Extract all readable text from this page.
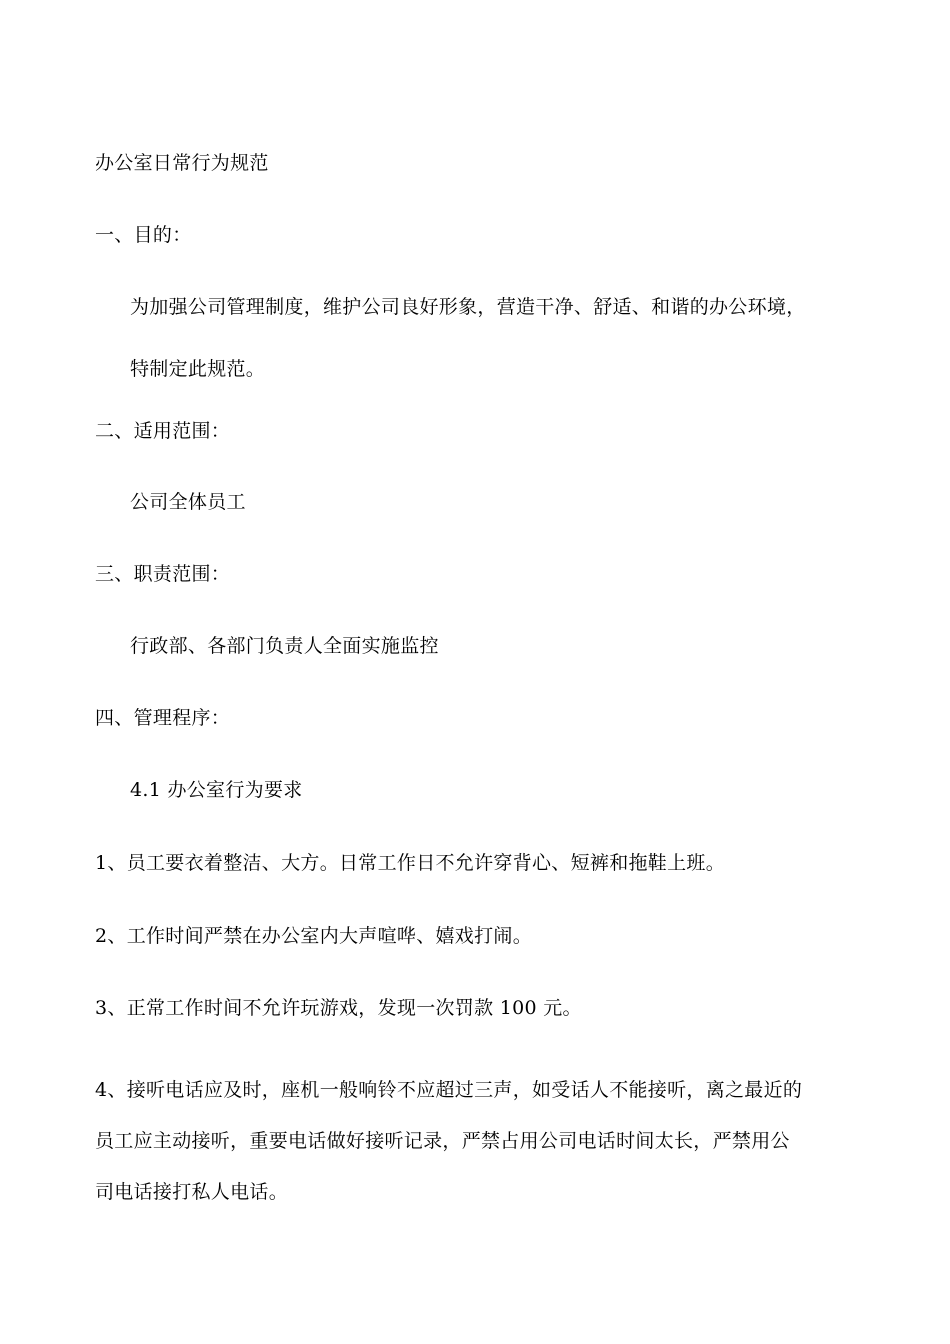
办公室日常行为规范
一、目的：
为加强公司管理制度，维护公司良好形象，营造干净、舒适、和谐的办公环境，
特制定此规范。
二、适用范围：
公司全体员工
三、职责范围：
行政部、各部门负责人全面实施监控
四、管理程序：
4.1 办公室行为要求
1、员工要衣着整洁、大方。日常工作日不允许穿背心、短裤和拖鞋上班。
2、工作时间严禁在办公室内大声喧哗、嬉戏打闹。
3、正常工作时间不允许玩游戏，发现一次罚款 100 元。
4、接听电话应及时，座机一般响铃不应超过三声，如受话人不能接听，离之最近的
员工应主动接听，重要电话做好接听记录，严禁占用公司电话时间太长，严禁用公
司电话接打私人电话。
